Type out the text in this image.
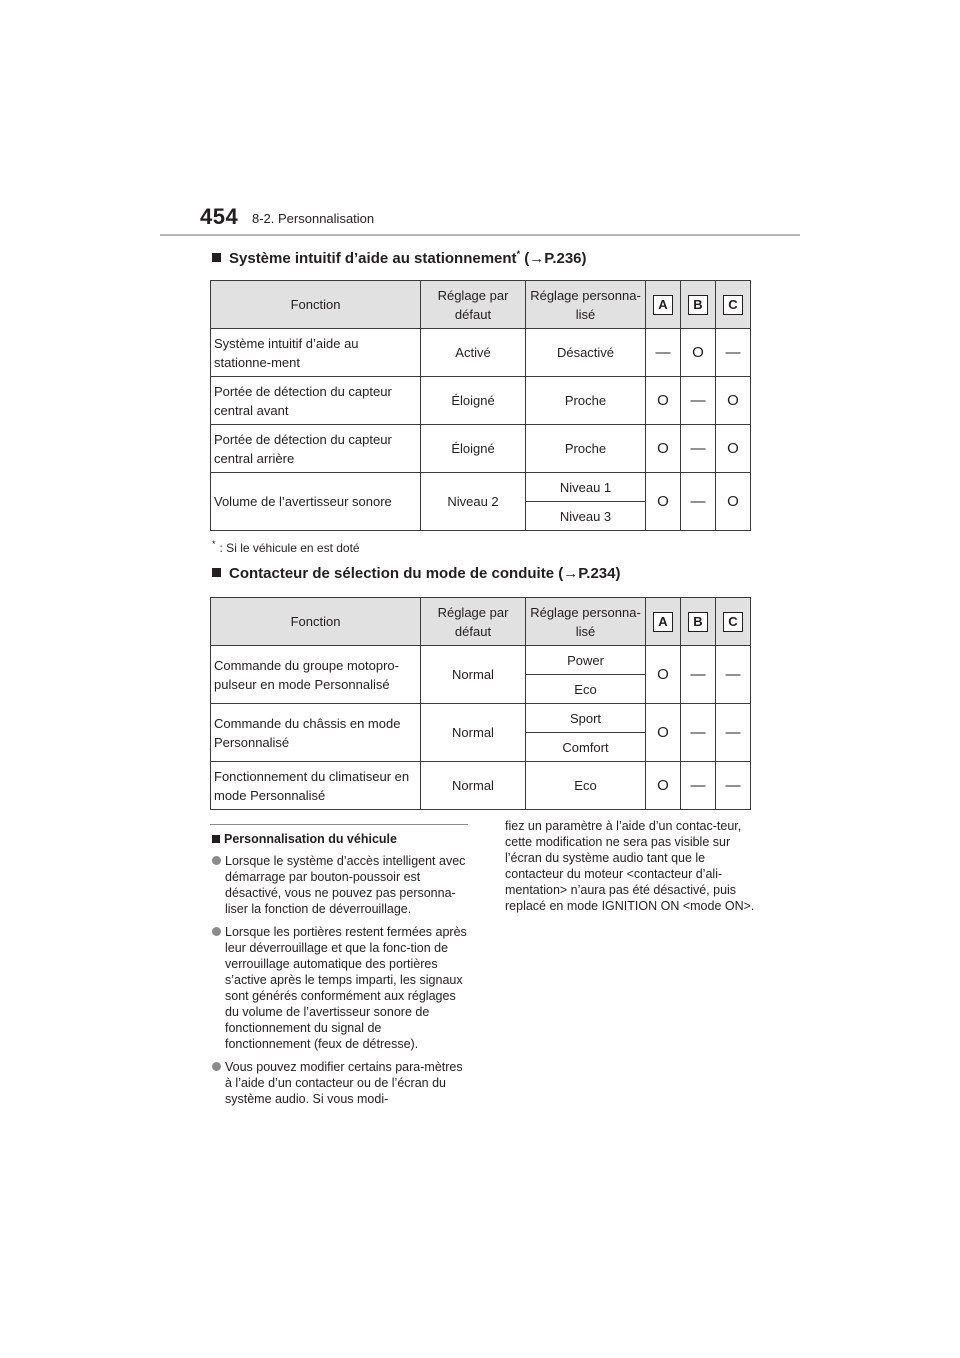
454 8-2. Personnalisation
Système intuitif d’aide au stationnement* (→P.236)
Fonction	Réglage par défaut	Réglage personna-lisé	A	B	C
Système intuitif d’aide au stationne-ment	Activé	Désactivé	—	O	—
Portée de détection du capteur central avant	Éloigné	Proche	O	—	O
Portée de détection du capteur central arrière	Éloigné	Proche	O	—	O
Volume de l’avertisseur sonore	Niveau 2	Niveau 1	O	—	O
		Niveau 3			
* : Si le véhicule en est doté
Contacteur de sélection du mode de conduite (→P.234)
Fonction	Réglage par défaut	Réglage personna-lisé	A	B	C
Commande du groupe motopro-pulseur en mode Personnalisé	Normal	Power	O	—	—
		Eco			
Commande du châssis en mode Personnalisé	Normal	Sport	O	—	—
		Comfort			
Fonctionnement du climatiseur en mode Personnalisé	Normal	Eco	O	—	—
Personnalisation du véhicule
Lorsque le système d’accès intelligent avec démarrage par bouton-poussoir est désactivé, vous ne pouvez pas personna-liser la fonction de déverrouillage.
Lorsque les portières restent fermées après leur déverrouillage et que la fonc-tion de verrouillage automatique des portières s’active après le temps imparti, les signaux sont générés conformément aux réglages du volume de l’avertisseur sonore de fonctionnement du signal de fonctionnement (feux de détresse).
Vous pouvez modifier certains para-mètres à l’aide d’un contacteur ou de l’écran du système audio. Si vous modi-
fiez un paramètre à l’aide d’un contac-teur, cette modification ne sera pas visible sur l’écran du système audio tant que le contacteur du moteur <contacteur d’ali-mentation> n’aura pas été désactivé, puis replacé en mode IGNITION ON <mode ON>.
